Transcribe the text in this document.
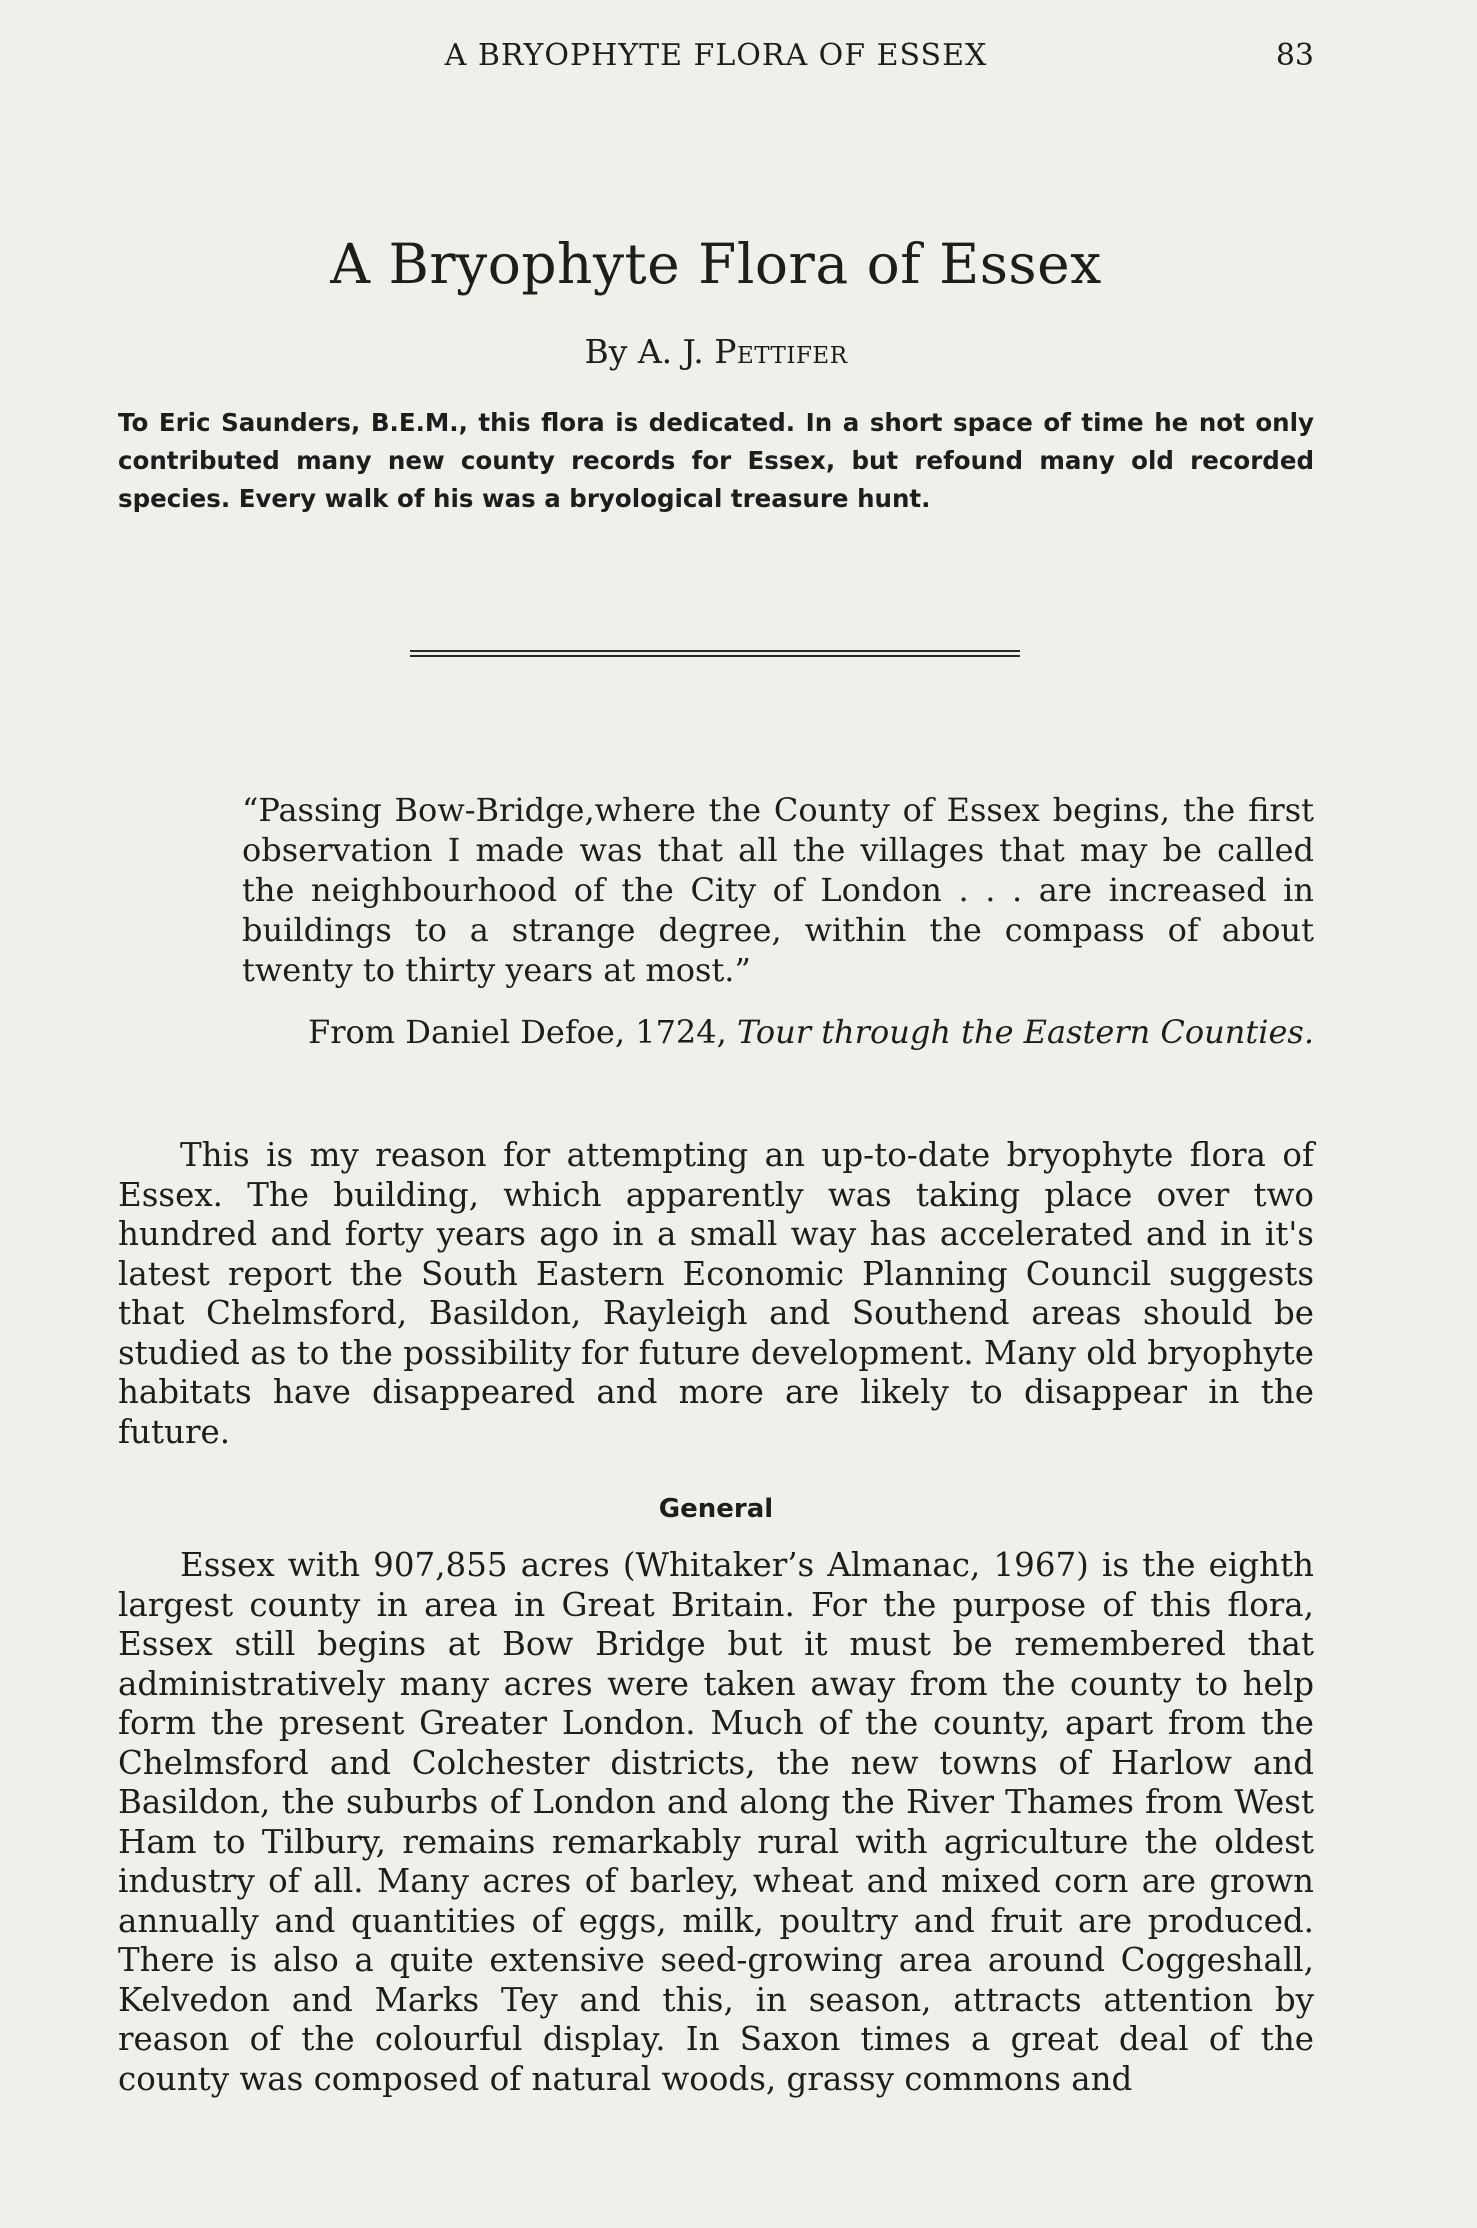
A BRYOPHYTE FLORA OF ESSEX	83
A Bryophyte Flora of Essex
By A. J. Pettifer
To Eric Saunders, B.E.M., this flora is dedicated. In a short space of time he not only contributed many new county records for Essex, but refound many old recorded species. Every walk of his was a bryological treasure hunt.
“Passing Bow-Bridge,where the County of Essex begins, the first observation I made was that all the villages that may be called the neighbourhood of the City of London . . . are increased in buildings to a strange degree, within the compass of about twenty to thirty years at most.”
From Daniel Defoe, 1724, Tour through the Eastern Counties.

This is my reason for attempting an up-to-date bryophyte flora of Essex. The building, which apparently was taking place over two hundred and forty years ago in a small way has accelerated and in it's latest report the South Eastern Economic Planning Council suggests that Chelmsford, Basildon, Rayleigh and Southend areas should be studied as to the possibility for future development. Many old bryophyte habitats have disappeared and more are likely to disappear in the future.

General

Essex with 907,855 acres (Whitaker’s Almanac, 1967) is the eighth largest county in area in Great Britain. For the purpose of this flora, Essex still begins at Bow Bridge but it must be remembered that administratively many acres were taken away from the county to help form the present Greater London. Much of the county, apart from the Chelmsford and Colchester districts, the new towns of Harlow and Basildon, the suburbs of London and along the River Thames from West Ham to Tilbury, remains remarkably rural with agriculture the oldest industry of all. Many acres of barley, wheat and mixed corn are grown annually and quantities of eggs, milk, poultry and fruit are produced. There is also a quite extensive seed-growing area around Coggeshall, Kelvedon and Marks Tey and this, in season, attracts attention by reason of the colourful display. In Saxon times a great deal of the county was composed of natural woods, grassy commons and
